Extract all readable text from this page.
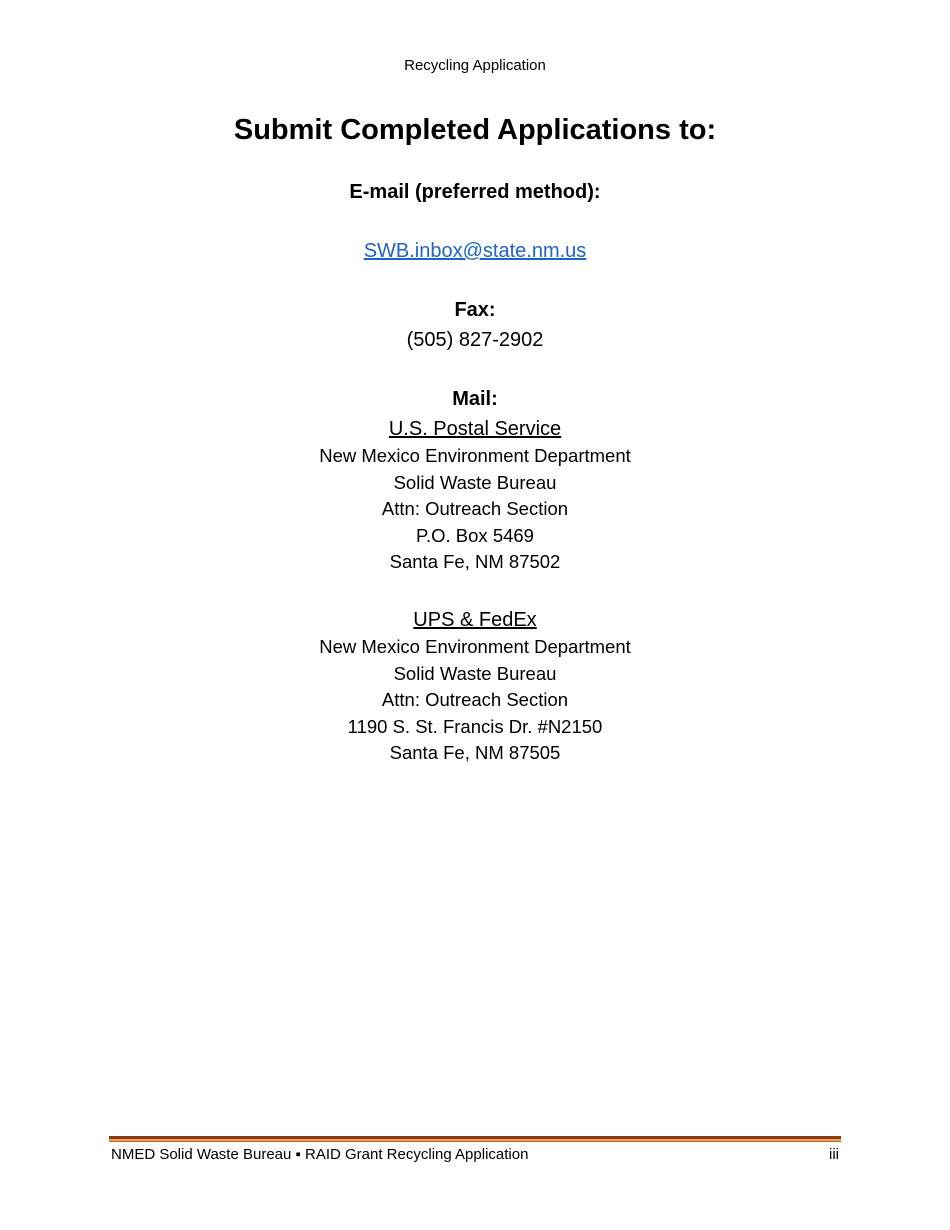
Recycling Application
Submit Completed Applications to:
E-mail (preferred method):
SWB.inbox@state.nm.us
Fax:
(505) 827-2902
Mail:
U.S. Postal Service
New Mexico Environment Department
Solid Waste Bureau
Attn: Outreach Section
P.O. Box 5469
Santa Fe, NM 87502
UPS & FedEx
New Mexico Environment Department
Solid Waste Bureau
Attn: Outreach Section
1190 S. St. Francis Dr. #N2150
Santa Fe, NM 87505
NMED Solid Waste Bureau ▪ RAID Grant Recycling Application	iii
